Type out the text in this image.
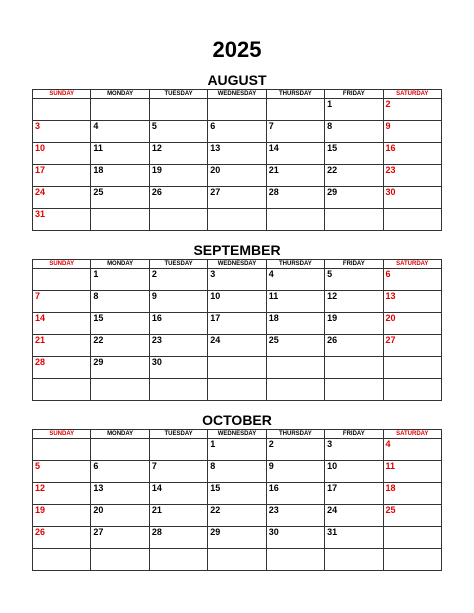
2025
AUGUST
SUNDAY	MONDAY	TUESDAY	WEDNESDAY	THURSDAY	FRIDAY	SATURDAY
					1	2
3	4	5	6	7	8	9
10	11	12	13	14	15	16
17	18	19	20	21	22	23
24	25	26	27	28	29	30
31						
SEPTEMBER
SUNDAY	MONDAY	TUESDAY	WEDNESDAY	THURSDAY	FRIDAY	SATURDAY
	1	2	3	4	5	6
7	8	9	10	11	12	13
14	15	16	17	18	19	20
21	22	23	24	25	26	27
28	29	30				

OCTOBER
SUNDAY	MONDAY	TUESDAY	WEDNESDAY	THURSDAY	FRIDAY	SATURDAY
			1	2	3	4
5	6	7	8	9	10	11
12	13	14	15	16	17	18
19	20	21	22	23	24	25
26	27	28	29	30	31	
